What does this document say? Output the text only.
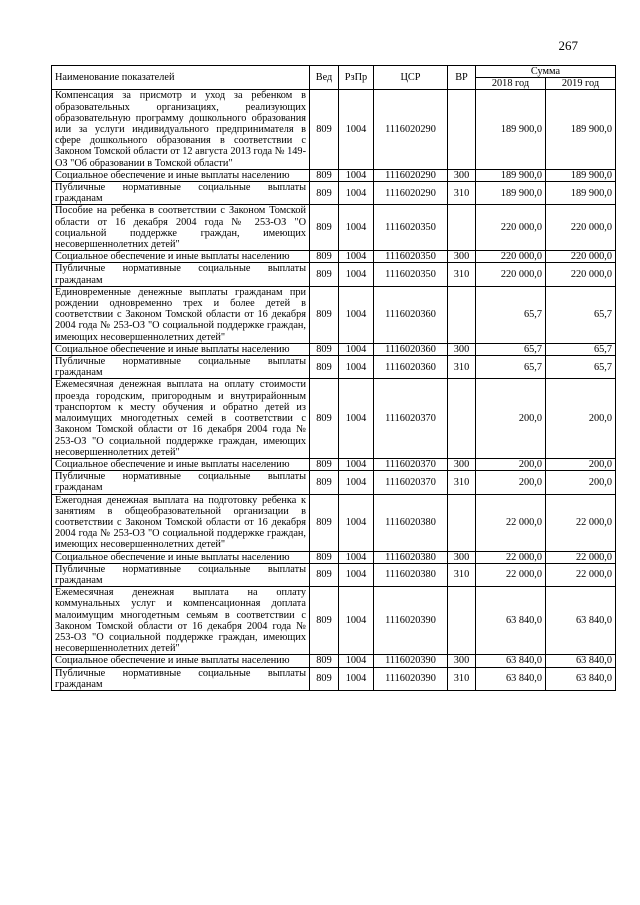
267
Наименование показателей	Вед	РзПр	ЦСР	ВР	Сумма	
					2018 год	2019 год
Компенсация за присмотр и уход за ребенком в образовательных организациях, реализующих образовательную программу дошкольного образования или за услуги индивидуального предпринимателя в сфере дошкольного образования в соответствии с Законом Томской области от 12 августа 2013 года № 149-ОЗ "Об образовании в Томской области"	809	1004	1116020290		189 900,0	189 900,0
Социальное обеспечение и иные выплаты населению	809	1004	1116020290	300	189 900,0	189 900,0
Публичные нормативные социальные выплаты гражданам	809	1004	1116020290	310	189 900,0	189 900,0
Пособие на ребенка в соответствии с Законом Томской области от 16 декабря 2004 года № 253-ОЗ "О социальной поддержке граждан, имеющих несовершеннолетних детей"	809	1004	1116020350		220 000,0	220 000,0
Социальное обеспечение и иные выплаты населению	809	1004	1116020350	300	220 000,0	220 000,0
Публичные нормативные социальные выплаты гражданам	809	1004	1116020350	310	220 000,0	220 000,0
Единовременные денежные выплаты гражданам при рождении одновременно трех и более детей в соответствии с Законом Томской области от 16 декабря 2004 года № 253-ОЗ "О социальной поддержке граждан, имеющих несовершеннолетних детей"	809	1004	1116020360		65,7	65,7
Социальное обеспечение и иные выплаты населению	809	1004	1116020360	300	65,7	65,7
Публичные нормативные социальные выплаты гражданам	809	1004	1116020360	310	65,7	65,7
Ежемесячная денежная выплата на оплату стоимости проезда городским, пригородным и внутрирайонным транспортом к месту обучения и обратно детей из малоимущих многодетных семей в соответствии с Законом Томской области от 16 декабря 2004 года № 253-ОЗ "О социальной поддержке граждан, имеющих несовершеннолетних детей"	809	1004	1116020370		200,0	200,0
Социальное обеспечение и иные выплаты населению	809	1004	1116020370	300	200,0	200,0
Публичные нормативные социальные выплаты гражданам	809	1004	1116020370	310	200,0	200,0
Ежегодная денежная выплата на подготовку ребенка к занятиям в общеобразовательной организации в соответствии с Законом Томской области от 16 декабря 2004 года № 253-ОЗ "О социальной поддержке граждан, имеющих несовершеннолетних детей"	809	1004	1116020380		22 000,0	22 000,0
Социальное обеспечение и иные выплаты населению	809	1004	1116020380	300	22 000,0	22 000,0
Публичные нормативные социальные выплаты гражданам	809	1004	1116020380	310	22 000,0	22 000,0
Ежемесячная денежная выплата на оплату коммунальных услуг и компенсационная доплата малоимущим многодетным семьям в соответствии с Законом Томской области от 16 декабря 2004 года № 253-ОЗ "О социальной поддержке граждан, имеющих несовершеннолетних детей"	809	1004	1116020390		63 840,0	63 840,0
Социальное обеспечение и иные выплаты населению	809	1004	1116020390	300	63 840,0	63 840,0
Публичные нормативные социальные выплаты гражданам	809	1004	1116020390	310	63 840,0	63 840,0
